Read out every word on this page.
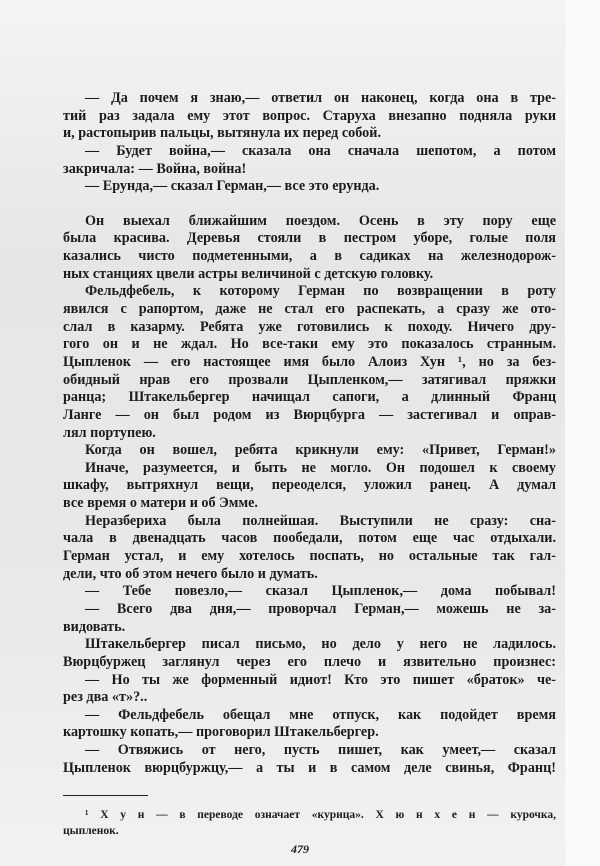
— Да почем я знаю,— ответил он наконец, когда она в тре-
тий раз задала ему этот вопрос. Старуха внезапно подняла руки
и, растопырив пальцы, вытянула их перед собой.
— Будет война,— сказала она сначала шепотом, а потом
закричала: — Война, война!
— Ерунда,— сказал Герман,— все это ерунда.
Он выехал ближайшим поездом. Осень в эту пору еще
была красива. Деревья стояли в пестром уборе, голые поля
казались чисто подметенными, а в садиках на железнодорож-
ных станциях цвели астры величиной с детскую головку.
Фельдфебель, к которому Герман по возвращении в роту
явился с рапортом, даже не стал его распекать, а сразу же ото-
слал в казарму. Ребята уже готовились к походу. Ничего дру-
гого он и не ждал. Но все-таки ему это показалось странным.
Цыпленок — его настоящее имя было Алоиз Хун ¹, но за без-
обидный нрав его прозвали Цыпленком,— затягивал пряжки
ранца; Штакельбергер начищал сапоги, а длинный Франц
Ланге — он был родом из Вюрцбурга — застегивал и оправ-
лял портупею.
Когда он вошел, ребята крикнули ему: «Привет, Герман!»
Иначе, разумеется, и быть не могло. Он подошел к своему
шкафу, вытряхнул вещи, переоделся, уложил ранец. А думал
все время о матери и об Эмме.
Неразбериха была полнейшая. Выступили не сразу: сна-
чала в двенадцать часов пообедали, потом еще час отдыхали.
Герман устал, и ему хотелось поспать, но остальные так гал-
дели, что об этом нечего было и думать.
— Тебе повезло,— сказал Цыпленок,— дома побывал!
— Всего два дня,— проворчал Герман,— можешь не за-
видовать.
Штакельбергер писал письмо, но дело у него не ладилось.
Вюрцбуржец заглянул через его плечо и язвительно произнес:
— Но ты же форменный идиот! Кто это пишет «браток» че-
рез два «т»?..
— Фельдфебель обещал мне отпуск, как подойдет время
картошку копать,— проговорил Штакельбергер.
— Отвяжись от него, пусть пишет, как умеет,— сказал
Цыпленок вюрцбуржцу,— а ты и в самом деле свинья, Франц!
¹ Х у н — в переводе означает «курица». Х ю н х е н — курочка,
цыпленок.
479
